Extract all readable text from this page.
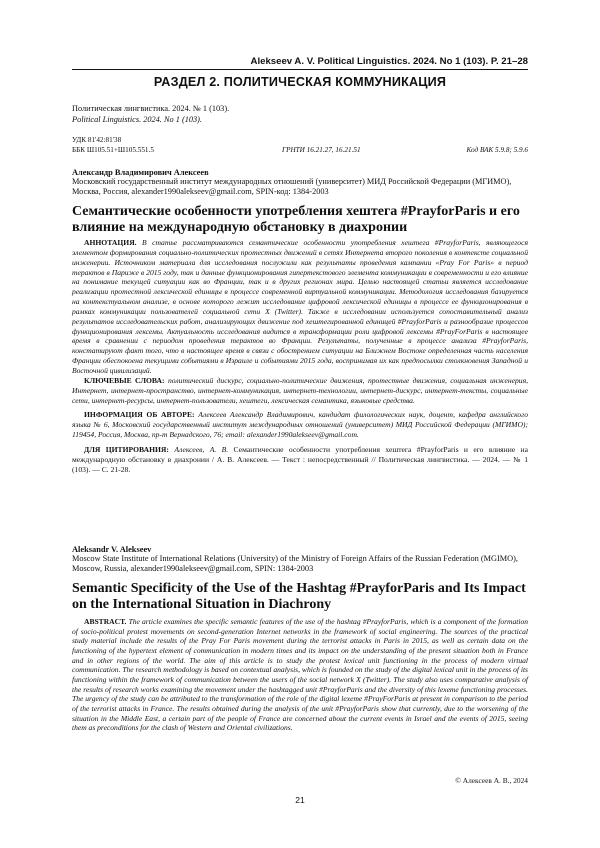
Alekseev A. V. Political Linguistics. 2024. No 1 (103). P. 21–28
РАЗДЕЛ 2. ПОЛИТИЧЕСКАЯ КОММУНИКАЦИЯ
Политическая лингвистика. 2024. № 1 (103).
Political Linguistics. 2024. No 1 (103).
УДК 81'42:81'38
ББК Ш105.51+Ш105.551.5	ГРНТИ 16.21.27, 16.21.51	Код ВАК 5.9.8; 5.9.6
Александр Владимирович Алексеев
Московский государственный институт международных отношений (университет) МИД Российской Федерации (МГИМО), Москва, Россия, alexander1990alekseev@gmail.com, SPIN-код: 1384-2003
Семантические особенности употребления хештега #PrayforParis и его влияние на международную обстановку в диахронии
АННОТАЦИЯ. В статье рассматриваются семантические особенности употребления хештега #PrayforParis, являющегося элементом формирования социально-политических протестных движений в сетях Интернета второго поколения в контексте социальной инженерии. Источником материала для исследования послужили как результаты проведения кампании «Pray For Paris» в период терактов в Париже в 2015 году, так и данные функционирования гипертекстового элемента коммуникации в современности и его влияние на понимание текущей ситуации как во Франции, так и в других регионах мира. Целью настоящей статьи является исследование реализации протестной лексической единицы в процессе современной виртуальной коммуникации. Методология исследования базируется на контекстуальном анализе, в основе которого лежит исследование цифровой лексической единицы в процессе ее функционирования в рамках коммуникации пользователей социальной сети X (Twitter). Также в исследовании используется сопоставительный анализ результатов исследовательских работ, анализирующих движение под хештегированной единицей #PrayforParis и разнообразие процессов функционирования лексемы. Актуальность исследования видится в трансформации роли цифровой лексемы #PrayForParis в настоящее время в сравнении с периодом проведения терактов во Франции. Результаты, полученные в процессе анализа #PrayforParis, констатируют факт того, что в настоящее время в связи с обострением ситуации на Ближнем Востоке определенная часть населения Франции обеспокоена текущими событиями в Израиле и событиями 2015 года, воспринимая их как предпосылки столкновения Западной и Восточной цивилизаций.
КЛЮЧЕВЫЕ СЛОВА: политический дискурс, социально-политические движения, протестные движения, социальная инженерия, Интернет, интернет-пространство, интернет-коммуникация, интернет-технологии, интернет-дискурс, интернет-тексты, социальные сети, интернет-ресурсы, интернет-пользователи, хештеги, лексическая семантика, языковые средства.
ИНФОРМАЦИЯ ОБ АВТОРЕ: Алексеев Александр Владимирович, кандидат филологических наук, доцент, кафедра английского языка № 6, Московский государственный институт международных отношений (университет) МИД Российской Федерации (МГИМО); 119454, Россия, Москва, пр-т Вернадского, 76; email: alexander1990alekseev@gmail.com.
ДЛЯ ЦИТИРОВАНИЯ: Алексеев, А. В. Семантические особенности употребления хештега #PrayforParis и его влияние на международную обстановку в диахронии / А. В. Алексеев. — Текст : непосредственный // Политическая лингвистика. — 2024. — № 1 (103). — С. 21-28.
Aleksandr V. Alekseev
Moscow State Institute of International Relations (University) of the Ministry of Foreign Affairs of the Russian Federation (MGIMO), Moscow, Russia, alexander1990alekseev@gmail.com, SPIN: 1384-2003
Semantic Specificity of the Use of the Hashtag #PrayforParis and Its Impact on the International Situation in Diachrony
ABSTRACT. The article examines the specific semantic features of the use of the hashtag #PrayforParis, which is a component of the formation of socio-political protest movements on second-generation Internet networks in the framework of social engineering. The sources of the practical study material include the results of the Pray For Paris movement during the terrorist attacks in Paris in 2015, as well as certain data on the functioning of the hypertext element of communication in modern times and its impact on the understanding of the present situation both in France and in other regions of the world. The aim of this article is to study the protest lexical unit functioning in the process of modern virtual communication. The research methodology is based on contextual analysis, which is founded on the study of the digital lexical unit in the process of its functioning within the framework of communication between the users of the social network X (Twitter). The study also uses comparative analysis of the results of research works examining the movement under the hashtagged unit #PrayforParis and the diversity of this lexeme functioning processes. The urgency of the study can be attributed to the transformation of the role of the digital lexeme #PrayForParis at present in comparison to the period of the terrorist attacks in France. The results obtained during the analysis of the unit #PrayforParis show that currently, due to the worsening of the situation in the Middle East, a certain part of the people of France are concerned about the current events in Israel and the events of 2015, seeing them as preconditions for the clash of Western and Oriental civilizations.
© Алексеев А. В., 2024
21
